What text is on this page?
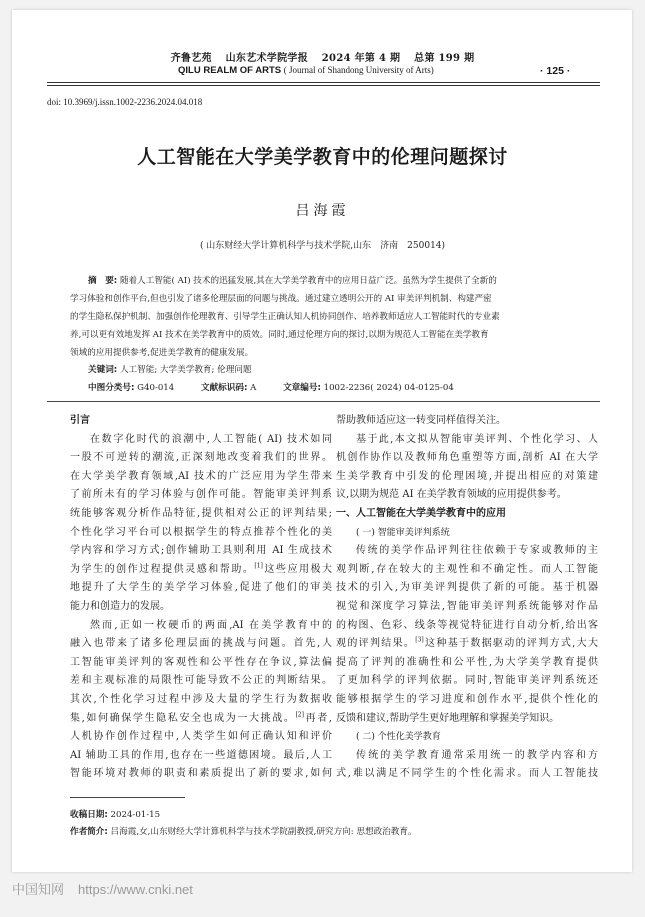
齐鲁艺苑 山东艺术学院学报 2024 年第 4 期 总第 199 期
QILU REALM OF ARTS ( Journal of Shandong University of Arts)	· 125 ·
doi: 10.3969/j.issn.1002-2236.2024.04.018
人工智能在大学美学教育中的伦理问题探讨
吕海霞
( 山东财经大学计算机科学与技术学院,山东　济南　250014)
摘　要: 随着人工智能( AI) 技术的迅猛发展,其在大学美学教育中的应用日益广泛。虽然为学生提供了全新的
学习体验和创作平台,但也引发了诸多伦理层面的问题与挑战。通过建立透明公开的 AI 审美评判机制、构建严密
的学生隐私保护机制、加强创作伦理教育、引导学生正确认知人机协同创作、培养教师适应人工智能时代的专业素
养,可以更有效地发挥 AI 技术在美学教育中的质效。同时,通过伦理方向的探讨,以期为规范人工智能在美学教育
领域的应用提供参考,促进美学教育的健康发展。
关键词: 人工智能; 大学美学教育; 伦理问题
中图分类号: G40-014	文献标识码: A	文章编号: 1002-2236( 2024) 04-0125-04
引言
在数字化时代的浪潮中,人工智能( AI) 技术如同
一股不可逆转的潮流,正深刻地改变着我们的世界。
在大学美学教育领域,AI 技术的广泛应用为学生带来
了前所未有的学习体验与创作可能。智能审美评判系
统能够客观分析作品特征,提供相对公正的评判结果;
个性化学习平台可以根据学生的特点推荐个性化的美
学内容和学习方式;创作辅助工具则利用 AI 生成技术
为学生的创作过程提供灵感和帮助。[1]这些应用极大
地提升了大学生的美学学习体验,促进了他们的审美
能力和创造力的发展。
然而,正如一枚硬币的两面,AI 在美学教育中的
融入也带来了诸多伦理层面的挑战与问题。首先,人
工智能审美评判的客观性和公平性存在争议,算法偏
差和主观标准的局限性可能导致不公正的判断结果。
其次,个性化学习过程中涉及大量的学生行为数据收
集,如何确保学生隐私安全也成为一大挑战。[2]再者,
人机协作创作过程中,人类学生如何正确认知和评价
AI 辅助工具的作用,也存在一些道德困境。最后,人工
智能环境对教师的职责和素质提出了新的要求,如何
帮助教师适应这一转变同样值得关注。
基于此,本文拟从智能审美评判、个性化学习、人
机创作协作以及教师角色重塑等方面,剖析 AI 在大学
生美学教育中引发的伦理困境,并提出相应的对策建
议,以期为规范 AI 在美学教育领域的应用提供参考。
一、人工智能在大学美学教育中的应用
( 一) 智能审美评判系统
传统的美学作品评判往往依赖于专家或教师的主
观判断,存在较大的主观性和不确定性。而人工智能
技术的引入,为审美评判提供了新的可能。基于机器
视觉和深度学习算法,智能审美评判系统能够对作品
的构图、色彩、线条等视觉特征进行自动分析,给出客
观的评判结果。[3]这种基于数据驱动的评判方式,大大
提高了评判的准确性和公平性,为大学美学教育提供
了更加科学的评判依据。同时,智能审美评判系统还
能够根据学生的学习进度和创作水平,提供个性化的
反馈和建议,帮助学生更好地理解和掌握美学知识。
( 二) 个性化美学教育
传统的美学教育通常采用统一的教学内容和方
式,难以满足不同学生的个性化需求。而人工智能技
收稿日期: 2024-01-15
作者简介: 吕海霞,女,山东财经大学计算机科学与技术学院副教授,研究方向: 思想政治教育。
中国知网 https://www.cnki.net
